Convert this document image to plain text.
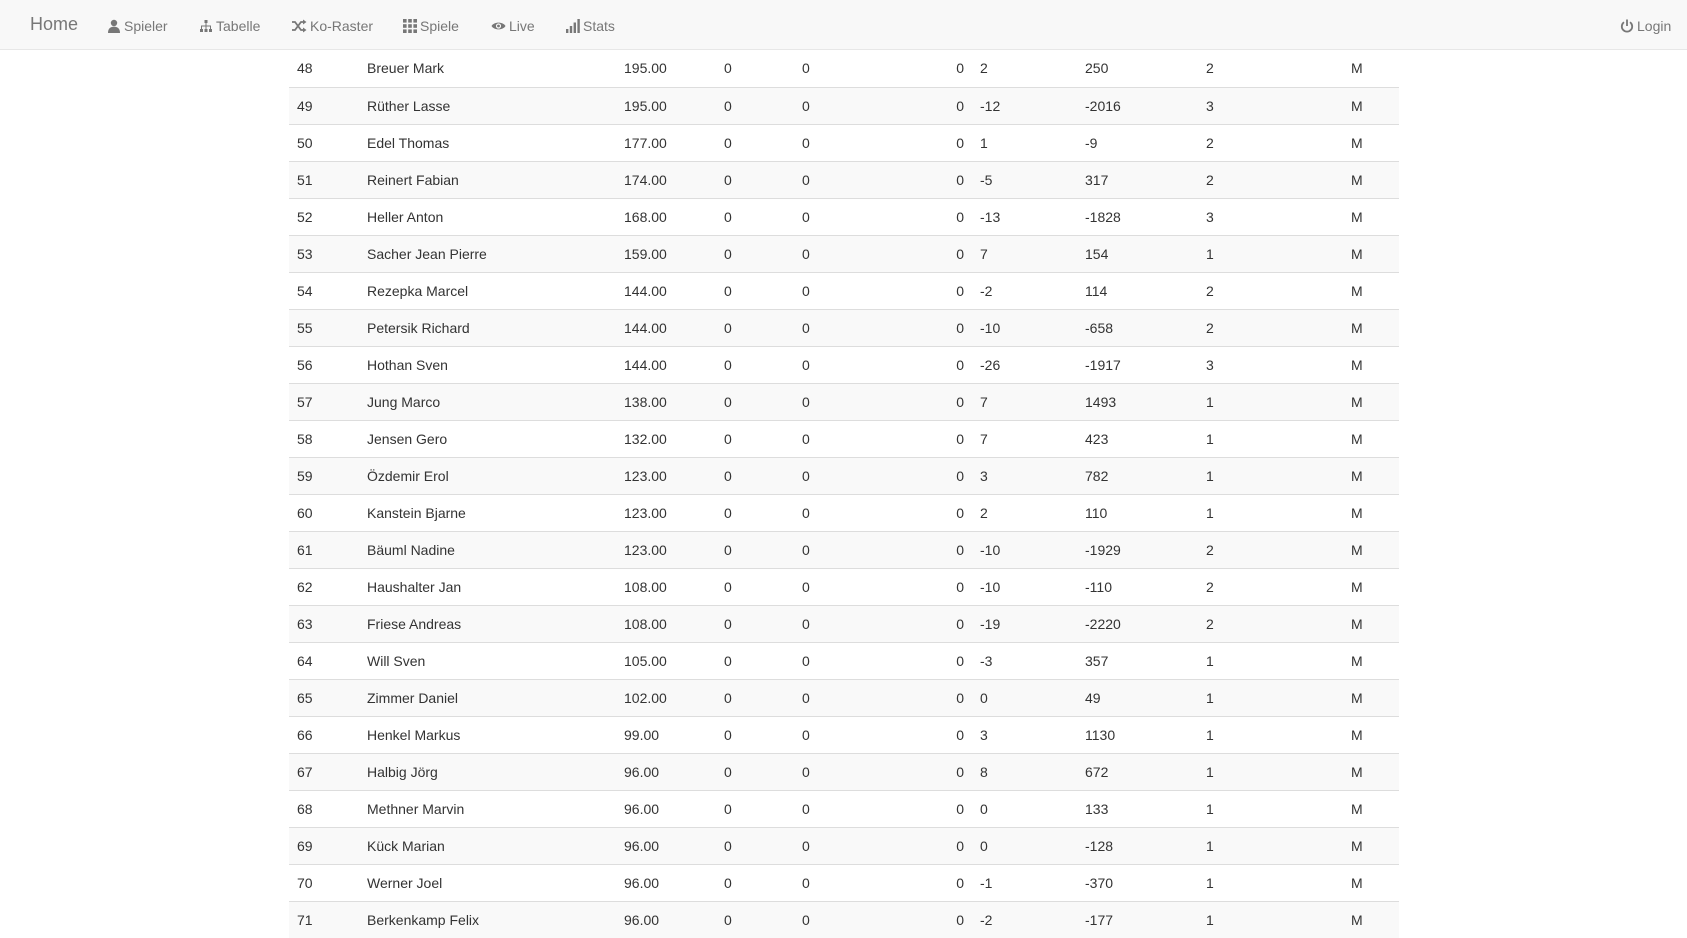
Home	Spieler	Tabelle	Ko-Raster	Spiele	Live	Stats	Login
48	Breuer Mark	195.00	0	0	0	2	250	2	M
49	Rüther Lasse	195.00	0	0	0	-12	-2016	3	M
50	Edel Thomas	177.00	0	0	0	1	-9	2	M
51	Reinert Fabian	174.00	0	0	0	-5	317	2	M
52	Heller Anton	168.00	0	0	0	-13	-1828	3	M
53	Sacher Jean Pierre	159.00	0	0	0	7	154	1	M
54	Rezepka Marcel	144.00	0	0	0	-2	114	2	M
55	Petersik Richard	144.00	0	0	0	-10	-658	2	M
56	Hothan Sven	144.00	0	0	0	-26	-1917	3	M
57	Jung Marco	138.00	0	0	0	7	1493	1	M
58	Jensen Gero	132.00	0	0	0	7	423	1	M
59	Özdemir Erol	123.00	0	0	0	3	782	1	M
60	Kanstein Bjarne	123.00	0	0	0	2	110	1	M
61	Bäuml Nadine	123.00	0	0	0	-10	-1929	2	M
62	Haushalter Jan	108.00	0	0	0	-10	-110	2	M
63	Friese Andreas	108.00	0	0	0	-19	-2220	2	M
64	Will Sven	105.00	0	0	0	-3	357	1	M
65	Zimmer Daniel	102.00	0	0	0	0	49	1	M
66	Henkel Markus	99.00	0	0	0	3	1130	1	M
67	Halbig Jörg	96.00	0	0	0	8	672	1	M
68	Methner Marvin	96.00	0	0	0	0	133	1	M
69	Kück Marian	96.00	0	0	0	0	-128	1	M
70	Werner Joel	96.00	0	0	0	-1	-370	1	M
71	Berkenkamp Felix	96.00	0	0	0	-2	-177	1	M
